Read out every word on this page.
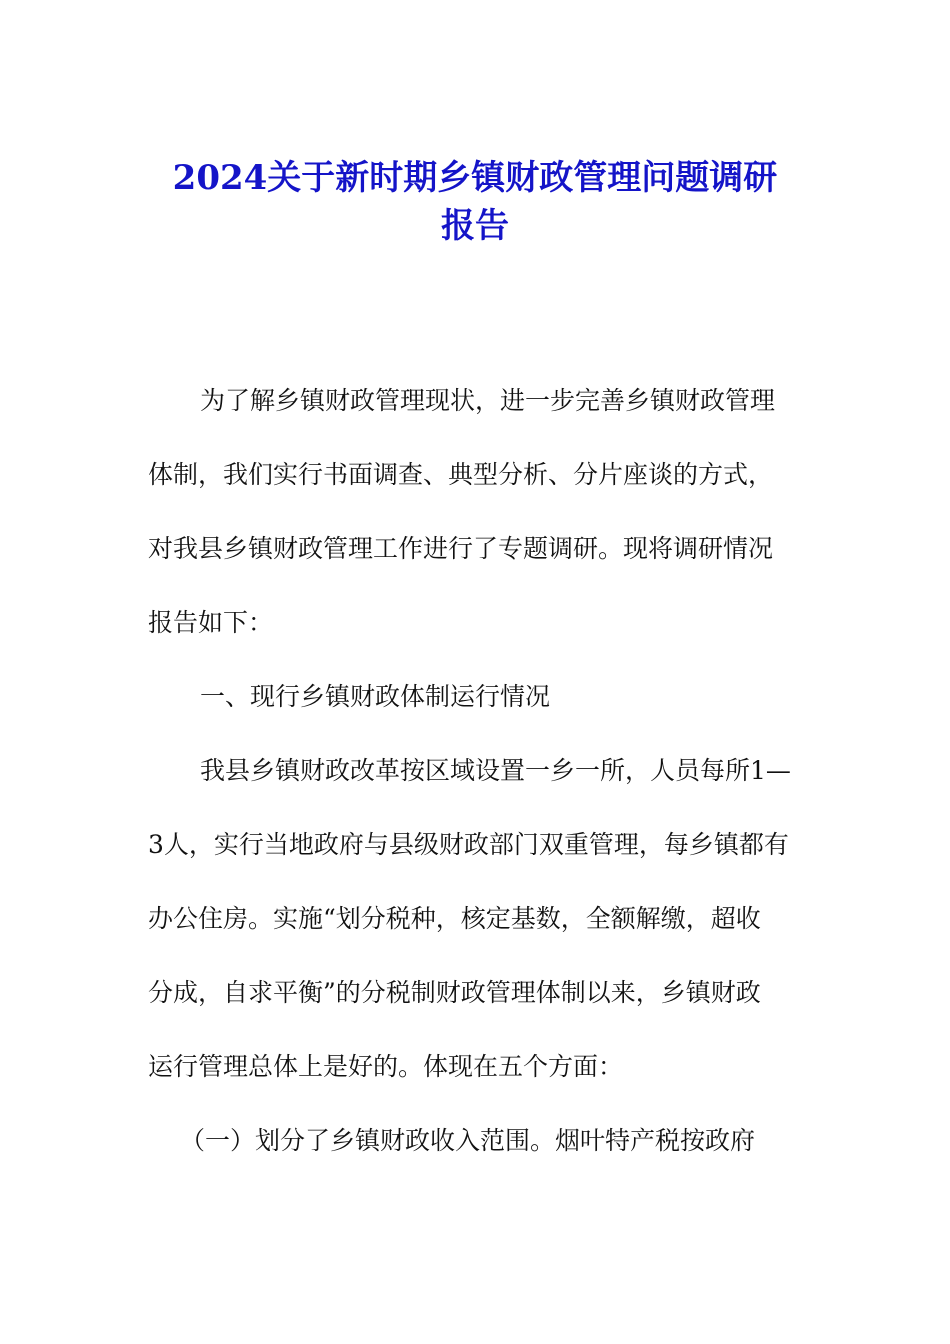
2024关于新时期乡镇财政管理问题调研
报告

为了解乡镇财政管理现状，进一步完善乡镇财政管理

体制，我们实行书面调查、典型分析、分片座谈的方式，

对我县乡镇财政管理工作进行了专题调研。现将调研情况

报告如下：

一、现行乡镇财政体制运行情况

我县乡镇财政改革按区域设置一乡一所，人员每所1—

3人，实行当地政府与县级财政部门双重管理，每乡镇都有

办公住房。实施“划分税种，核定基数，全额解缴，超收

分成，自求平衡”的分税制财政管理体制以来，乡镇财政

运行管理总体上是好的。体现在五个方面：

（一）划分了乡镇财政收入范围。烟叶特产税按政府
